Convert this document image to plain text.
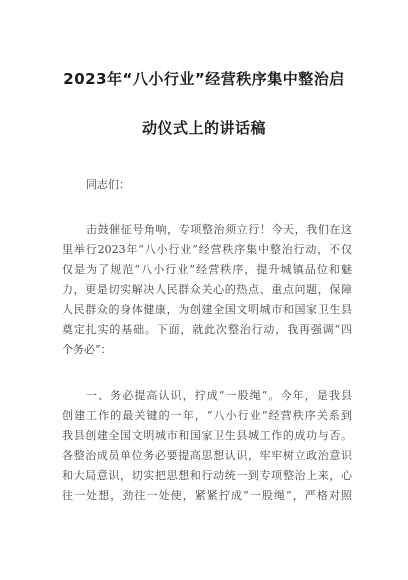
2023年“八小行业”经营秩序集中整治启
动仪式上的讲话稿
同志们：
击鼓催征号角响，专项整治须立行！今天，我们在这
里举行2023年“八小行业”经营秩序集中整治行动，不仅
仅是为了规范“八小行业”经营秩序，提升城镇品位和魅
力，更是切实解决人民群众关心的热点、重点问题，保障
人民群众的身体健康，为创建全国文明城市和国家卫生县
奠定扎实的基础。下面，就此次整治行动，我再强调“四
个务必”：
一、务必提高认识，拧成“一股绳”。今年，是我县
创建工作的最关键的一年，“八小行业”经营秩序关系到
我县创建全国文明城市和国家卫生县城工作的成功与否。
各整治成员单位务必要提高思想认识，牢牢树立政治意识
和大局意识，切实把思想和行动统一到专项整治上来，心
往一处想，劲往一处使，紧紧拧成“一股绳”，严格对照
